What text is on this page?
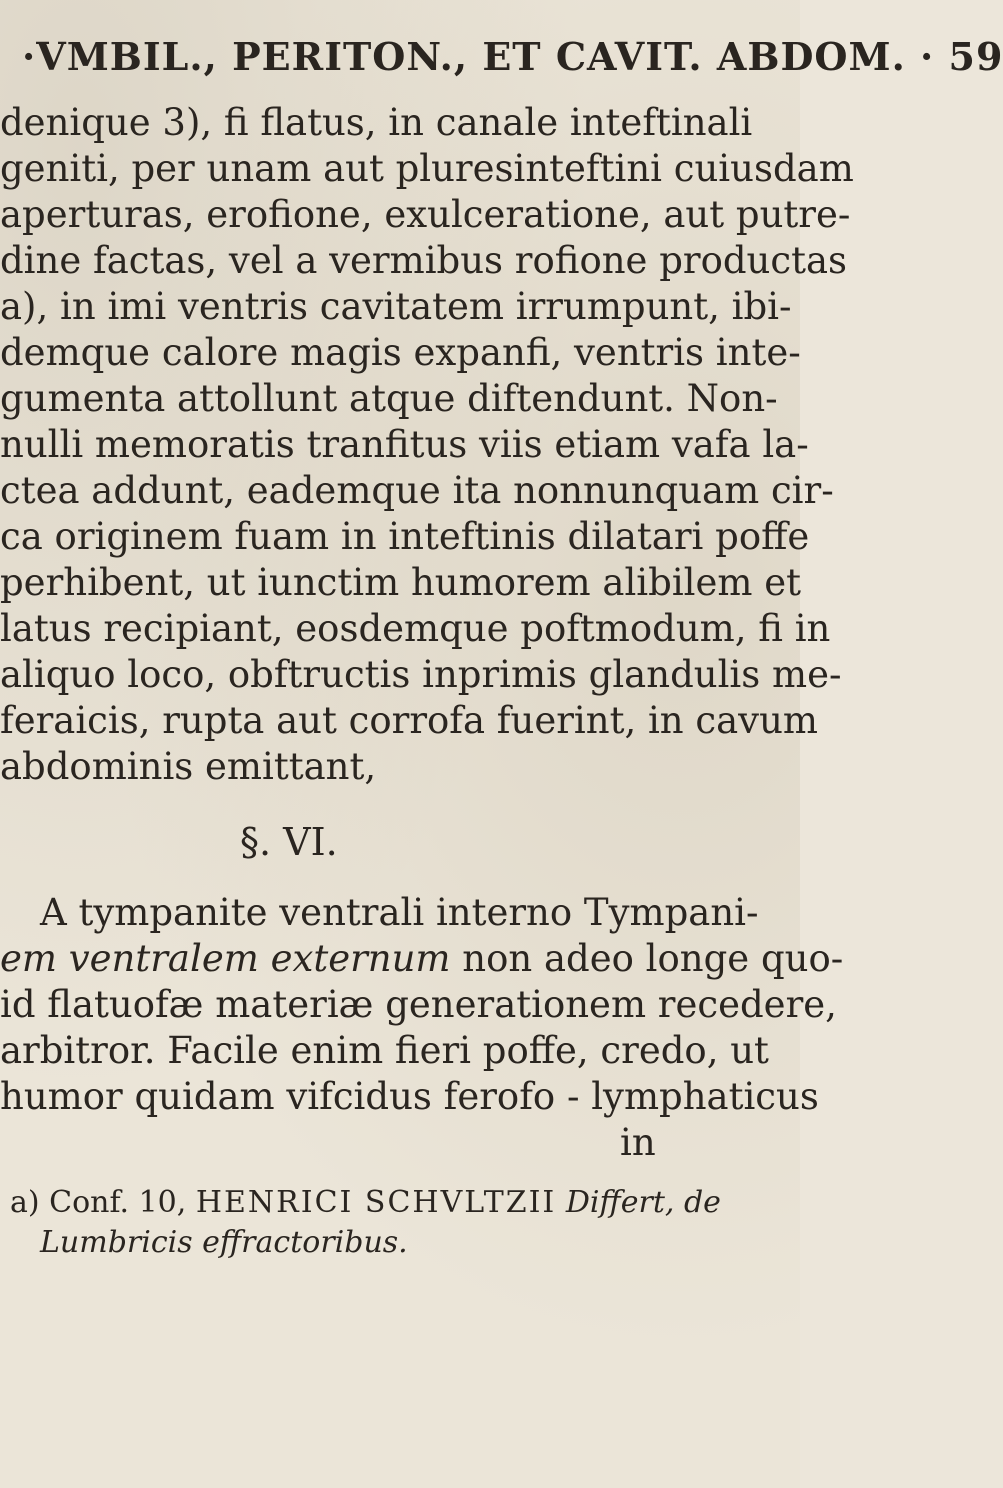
·VMBIL., PERITON., ET CAVIT. ABDOM. · 59
denique 3), fi flatus, in canale inteftinali
geniti, per unam aut pluresinteftini cuiusdam
aperturas, erofione, exulceratione, aut putre-
dine factas, vel a vermibus rofione productas
a), in imi ventris cavitatem irrumpunt, ibi-
demque calore magis expanfi, ventris inte-
gumenta attollunt atque diftendunt. Non-
nulli memoratis tranfitus viis etiam vafa la-
ctea addunt, eademque ita nonnunquam cir-
ca originem fuam in inteftinis dilatari poffe
perhibent, ut iunctim humorem alibilem et
latus recipiant, eosdemque poftmodum, fi in
aliquo loco, obftructis inprimis glandulis me-
feraicis, rupta aut corrofa fuerint, in cavum
abdominis emittant,
§. VI.
A tympanite ventrali interno Tympani-
em ventralem externum non adeo longe quo-
id flatuofæ materiæ generationem recedere,
arbitror. Facile enim fieri poffe, credo, ut
humor quidam vifcidus ferofo - lymphaticus
in
a) Conf. 10, HENRICI SCHVLTZII Differt, de
Lumbricis effractoribus.
